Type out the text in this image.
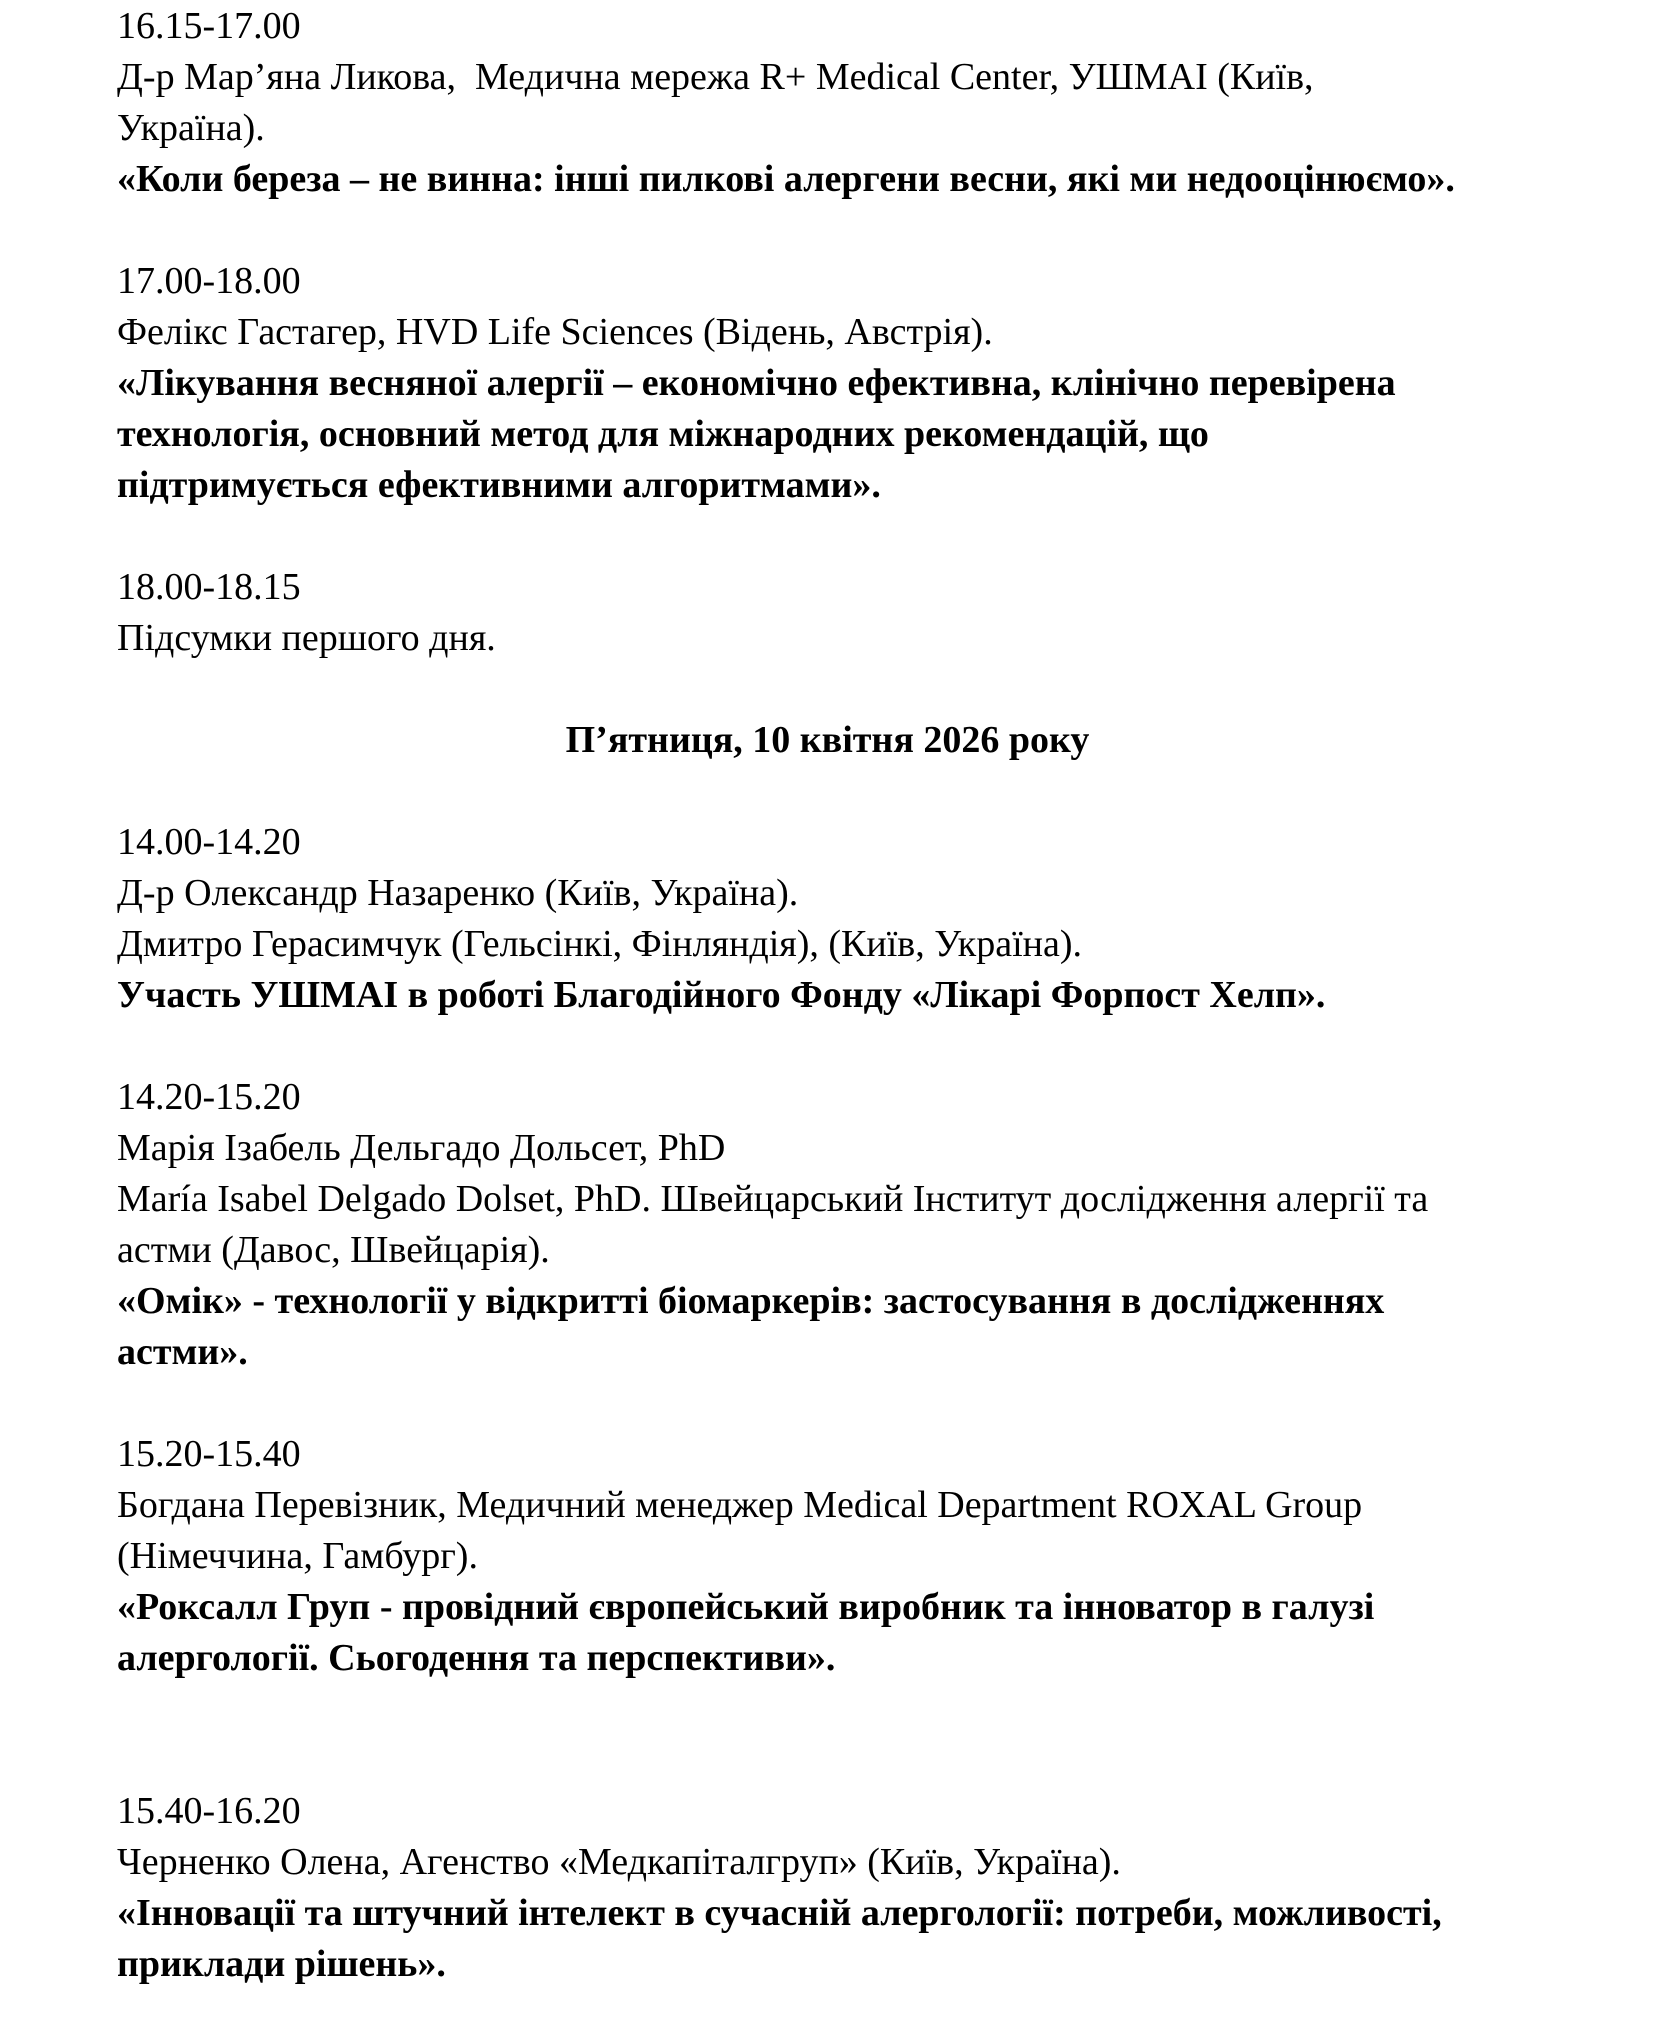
16.15-17.00

Д-р Мар’яна Ликова,  Медична мережа R+ Medical Center, УШМАІ (Київ,

Україна).

«Коли береза – не винна: інші пилкові алергени весни, які ми недооцінюємо».

17.00-18.00

Фелікс Гастагер, HVD Life Sciences (Відень, Австрія).

«Лікування весняної алергії – економічно ефективна, клінічно перевірена

технологія, основний метод для міжнародних рекомендацій, що

підтримується ефективними алгоритмами».

18.00-18.15

Підсумки першого дня.

П’ятниця, 10 квітня 2026 року

14.00-14.20

Д-р Олександр Назаренко (Київ, Україна).

Дмитро Герасимчук (Гельсінкі, Фінляндія), (Київ, Україна).

Участь УШМАІ в роботі Благодійного Фонду «Лікарі Форпост Хелп».

14.20-15.20

Марія Ізабель Дельгадо Дольсет, PhD

María Isabel Delgado Dolset, PhD. Швейцарський Інститут дослідження алергії та

астми (Давос, Швейцарія).

«Омік» - технології у відкритті біомаркерів: застосування в дослідженнях

астми».

15.20-15.40

Богдана Перевізник, Медичний менеджер Medical Department ROXAL Group

(Німеччина, Гамбург).

«Роксалл Груп - провідний європейський виробник та інноватор в галузі

алергології. Сьогодення та перспективи».

15.40-16.20

Черненко Олена, Агенство «Медкапіталгруп» (Київ, Україна).

«Інновації та штучний інтелект в сучасній алергології: потреби, можливості,

приклади рішень».
